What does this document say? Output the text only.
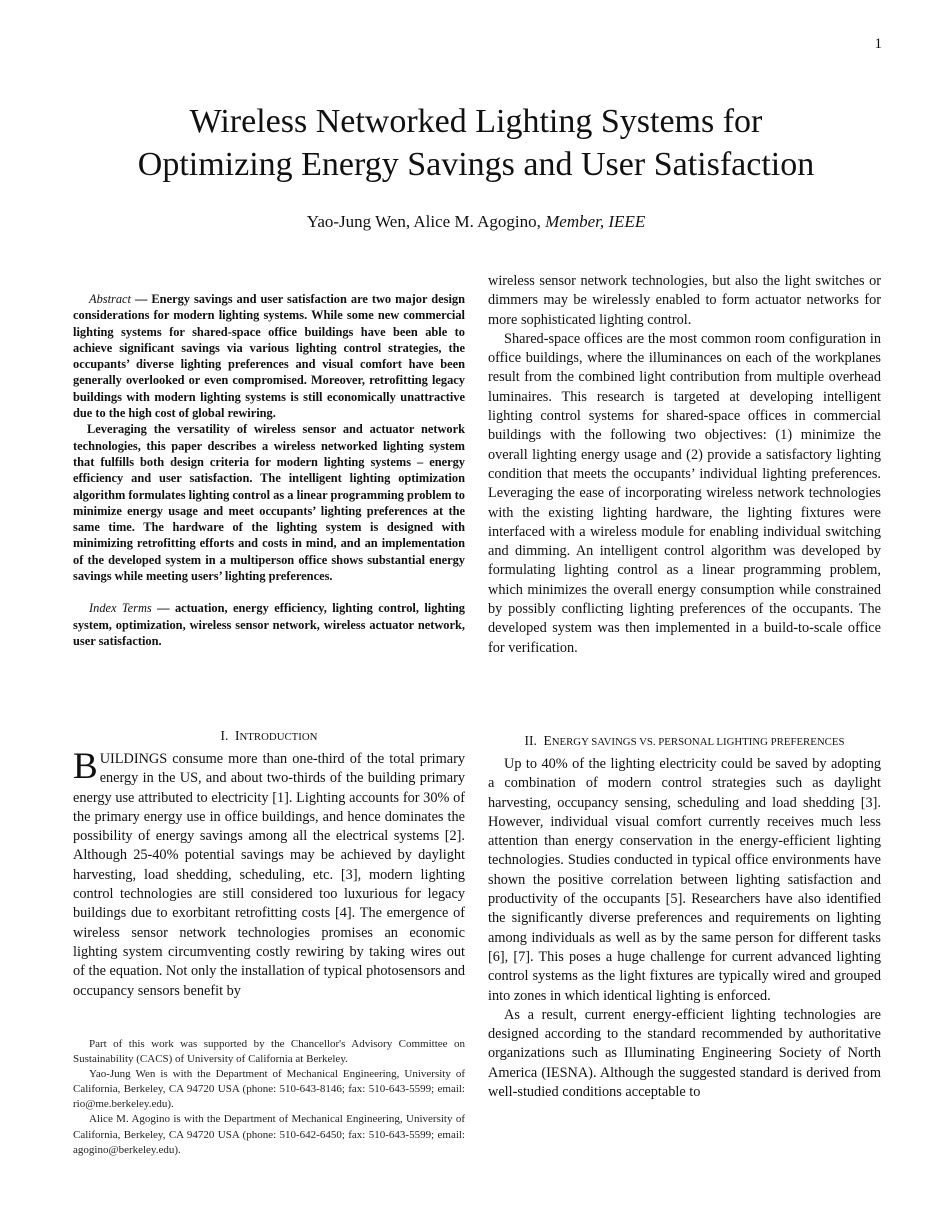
1
Wireless Networked Lighting Systems for
Optimizing Energy Savings and User Satisfaction
Yao-Jung Wen, Alice M. Agogino, Member, IEEE

Abstract — Energy savings and user satisfaction are two major design considerations for modern lighting systems. While some new commercial lighting systems for shared-space office buildings have been able to achieve significant savings via various lighting control strategies, the occupants’ diverse lighting preferences and visual comfort have been generally overlooked or even compromised. Moreover, retrofitting legacy buildings with modern lighting systems is still economically unattractive due to the high cost of global rewiring.

Leveraging the versatility of wireless sensor and actuator network technologies, this paper describes a wireless networked lighting system that fulfills both design criteria for modern lighting systems – energy efficiency and user satisfaction. The intelligent lighting optimization algorithm formulates lighting control as a linear programming problem to minimize energy usage and meet occupants’ lighting preferences at the same time. The hardware of the lighting system is designed with minimizing retrofitting efforts and costs in mind, and an implementation of the developed system in a multiperson office shows substantial energy savings while meeting users’ lighting preferences.

Index Terms — actuation, energy efficiency, lighting control, lighting system, optimization, wireless sensor network, wireless actuator network, user satisfaction.

I. INTRODUCTION

BUILDINGS consume more than one-third of the total primary energy in the US, and about two-thirds of the building primary energy use attributed to electricity [1]. Lighting accounts for 30% of the primary energy use in office buildings, and hence dominates the possibility of energy savings among all the electrical systems [2]. Although 25-40% potential savings may be achieved by daylight harvesting, load shedding, scheduling, etc. [3], modern lighting control technologies are still considered too luxurious for legacy buildings due to exorbitant retrofitting costs [4]. The emergence of wireless sensor network technologies promises an economic lighting system circumventing costly rewiring by taking wires out of the equation. Not only the installation of typical photosensors and occupancy sensors benefit by

Part of this work was supported by the Chancellor's Advisory Committee on Sustainability (CACS) of University of California at Berkeley.

Yao-Jung Wen is with the Department of Mechanical Engineering, University of California, Berkeley, CA 94720 USA (phone: 510-643-8146; fax: 510-643-5599; email: rio@me.berkeley.edu).

Alice M. Agogino is with the Department of Mechanical Engineering, University of California, Berkeley, CA 94720 USA (phone: 510-642-6450; fax: 510-643-5599; email: agogino@berkeley.edu).

wireless sensor network technologies, but also the light switches or dimmers may be wirelessly enabled to form actuator networks for more sophisticated lighting control.

Shared-space offices are the most common room configuration in office buildings, where the illuminances on each of the workplanes result from the combined light contribution from multiple overhead luminaires. This research is targeted at developing intelligent lighting control systems for shared-space offices in commercial buildings with the following two objectives: (1) minimize the overall lighting energy usage and (2) provide a satisfactory lighting condition that meets the occupants’ individual lighting preferences. Leveraging the ease of incorporating wireless network technologies with the existing lighting hardware, the lighting fixtures were interfaced with a wireless module for enabling individual switching and dimming. An intelligent control algorithm was developed by formulating lighting control as a linear programming problem, which minimizes the overall energy consumption while constrained by possibly conflicting lighting preferences of the occupants. The developed system was then implemented in a build-to-scale office for verification.

II. ENERGY SAVINGS VS. PERSONAL LIGHTING PREFERENCES

Up to 40% of the lighting electricity could be saved by adopting a combination of modern control strategies such as daylight harvesting, occupancy sensing, scheduling and load shedding [3]. However, individual visual comfort currently receives much less attention than energy conservation in the energy-efficient lighting technologies. Studies conducted in typical office environments have shown the positive correlation between lighting satisfaction and productivity of the occupants [5]. Researchers have also identified the significantly diverse preferences and requirements on lighting among individuals as well as by the same person for different tasks [6], [7]. This poses a huge challenge for current advanced lighting control systems as the light fixtures are typically wired and grouped into zones in which identical lighting is enforced.

As a result, current energy-efficient lighting technologies are designed according to the standard recommended by authoritative organizations such as Illuminating Engineering Society of North America (IESNA). Although the suggested standard is derived from well-studied conditions acceptable to
